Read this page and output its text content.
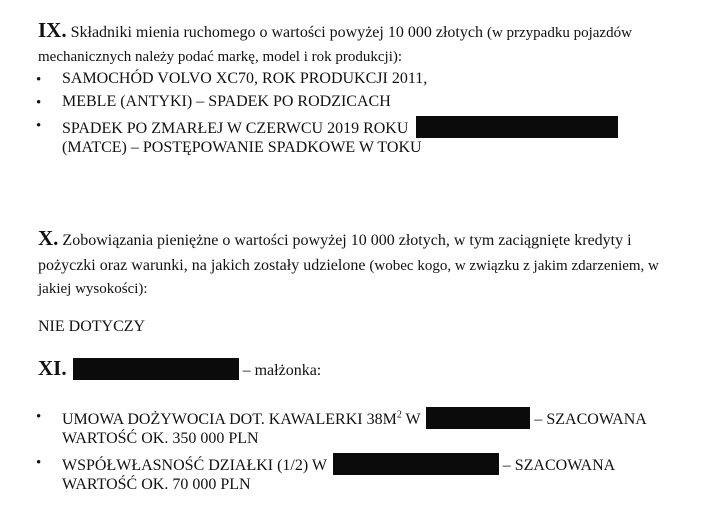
IX. Składniki mienia ruchomego o wartości powyżej 10 000 złotych (w przypadku pojazdów
mechanicznych należy podać markę, model i rok produkcji):
• SAMOCHÓD VOLVO XC70, ROK PRODUKCJI 2011,
• MEBLE (ANTYKI) – SPADEK PO RODZICACH
• SPADEK PO ZMARŁEJ W CZERWCU 2019 ROKU
(MATCE) – POSTĘPOWANIE SPADKOWE W TOKU
X. Zobowiązania pieniężne o wartości powyżej 10 000 złotych, w tym zaciągnięte kredyty i
pożyczki oraz warunki, na jakich zostały udzielone (wobec kogo, w związku z jakim zdarzeniem, w
jakiej wysokości):
NIE DOTYCZY
XI.	– małżonka:
• UMOWA DOŻYWOCIA DOT. KAWALERKI $38M^2$ W	– SZACOWANA
WARTOŚĆ OK. 350 000 PLN
• WSPÓŁWŁASNOŚĆ DZIAŁKI (1/2) W	– SZACOWANA
WARTOŚĆ OK. 70 000 PLN
